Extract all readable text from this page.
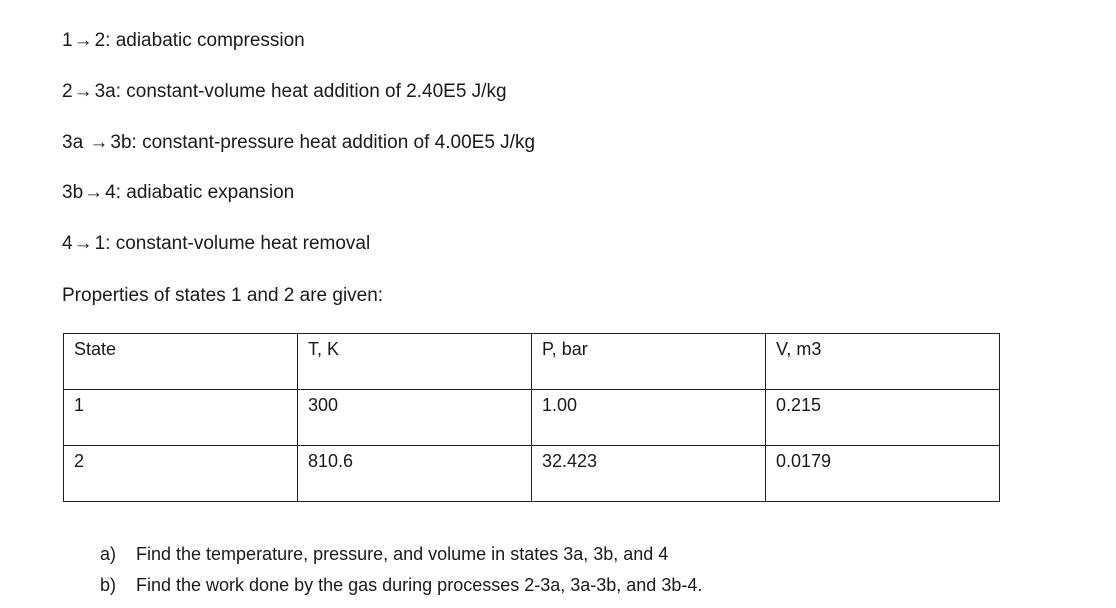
1→ 2: adiabatic compression
2→ 3a: constant-volume heat addition of 2.40E5 J/kg
3a → 3b: constant-pressure heat addition of 4.00E5 J/kg
3b→ 4: adiabatic expansion
4→ 1: constant-volume heat removal
Properties of states 1 and 2 are given:
State	T, K	P, bar	V, m3
1	300	1.00	0.215
2	810.6	32.423	0.0179
a) Find the temperature, pressure, and volume in states 3a, 3b, and 4
b) Find the work done by the gas during processes 2-3a, 3a-3b, and 3b-4.
